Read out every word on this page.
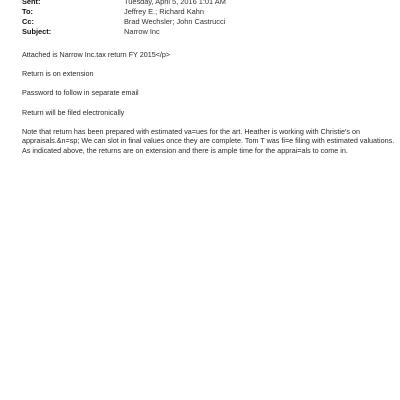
Sent:	Tuesday, April 5, 2016 1:01 AM
To:	Jeffrey E.; Richard Kahn
Cc:	Brad Wechsler; John Castrucci
Subject:	Narrow Inc

Attached is Narrow Inc.tax return FY 2015</p>

Return is on extension

Password to follow in separate email

Return will be filed electronically

Note that return has been prepared with estimated va=ues for the art. Heather is working with Christie's on
appraisals.&n=sp; We can slot in final values once they are complete. Tom T was fi=e filing with estimated valuations.
As indicated above, the returns are on extension and there is ample time for the apprai=als to come in.
